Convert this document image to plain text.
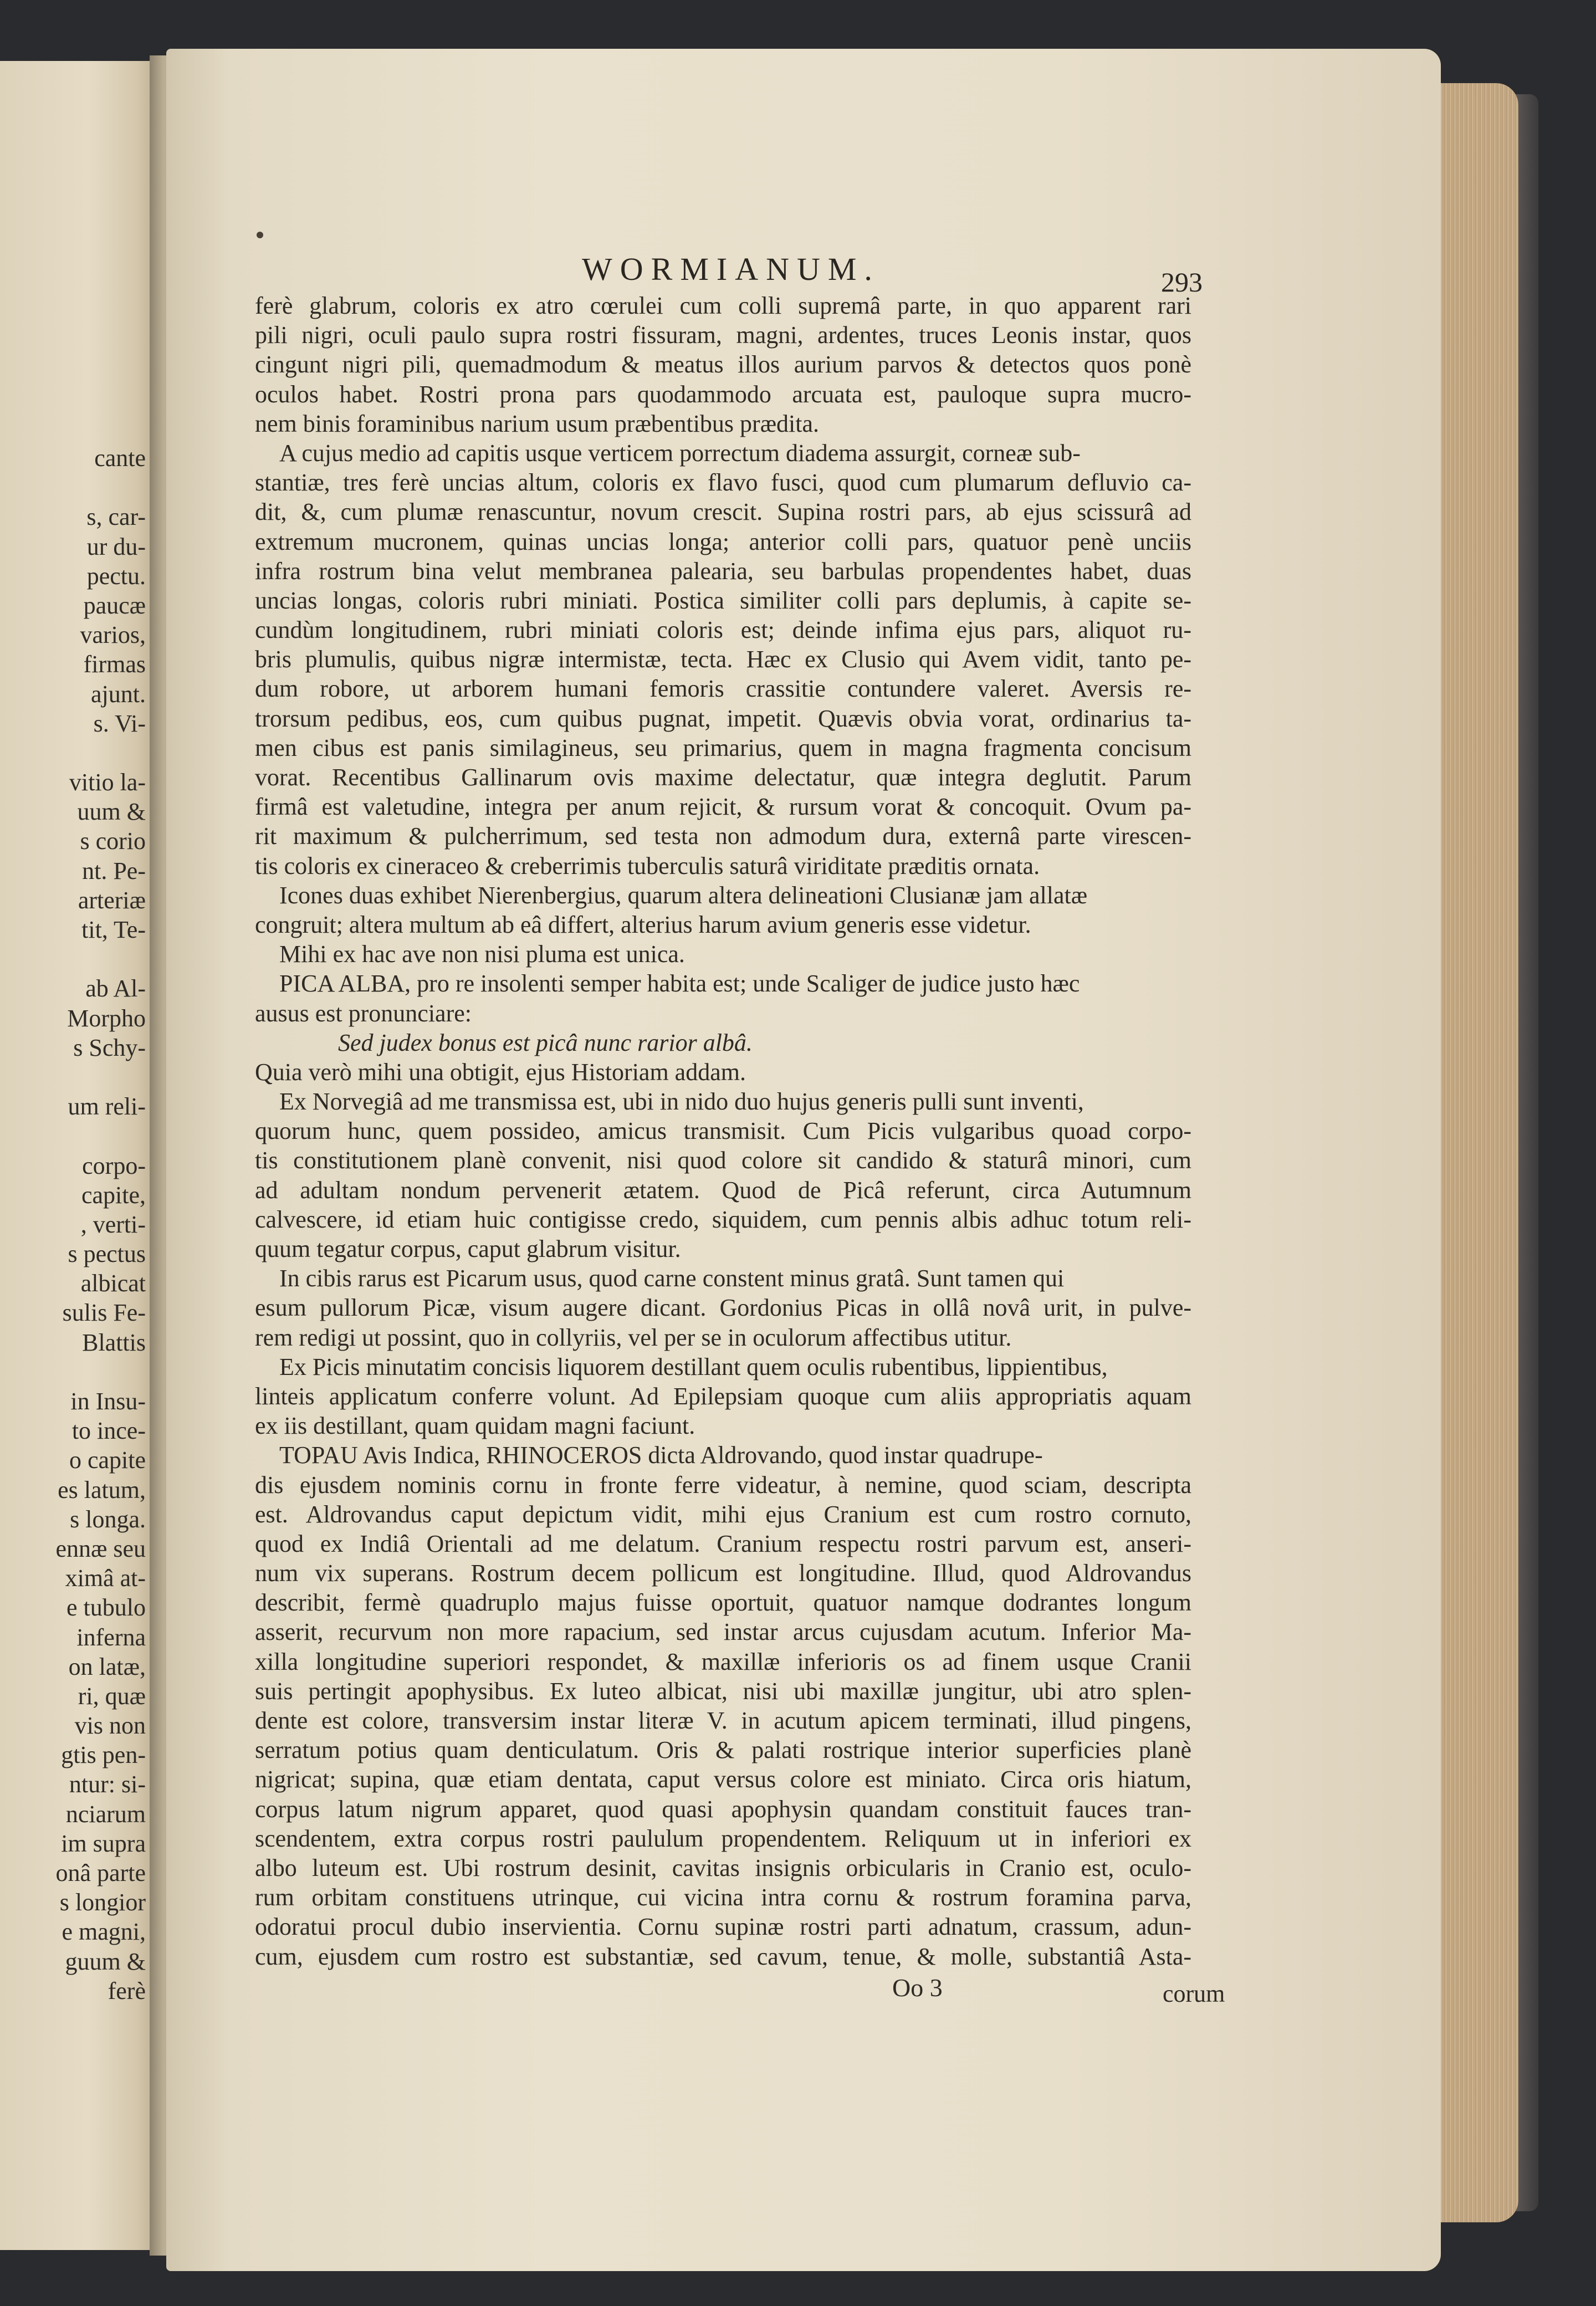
cante
s, car-
ur du-
pectu.
paucæ
varios,
firmas
ajunt.
s. Vi-
vitio la-
uum &
s corio
nt. Pe-
arteriæ
tit, Te-
ab Al-
Morpho
s Schy-
um reli-
corpo-
capite,
, verti-
s pectus
albicat
sulis Fe-
Blattis
in Insu-
to ince-
o capite
es latum,
s longa.
ennæ seu
ximâ at-
e tubulo
inferna
on latæ,
ri, quæ
vis non
gtis pen-
ntur: si-
nciarum
im supra
onâ parte
s longior
e magni,
guum &
ferè
WORMIANUM.	293
ferè glabrum, coloris ex atro cœrulei cum colli supremâ parte, in quo apparent rari
pili nigri, oculi paulo supra rostri fissuram, magni, ardentes, truces Leonis instar, quos
cingunt nigri pili, quemadmodum & meatus illos aurium parvos & detectos quos ponè
oculos habet. Rostri prona pars quodammodo arcuata est, pauloque supra mucro-
nem binis foraminibus narium usum præbentibus prædita.
A cujus medio ad capitis usque verticem porrectum diadema assurgit, corneæ sub-
stantiæ, tres ferè uncias altum, coloris ex flavo fusci, quod cum plumarum defluvio ca-
dit, &, cum plumæ renascuntur, novum crescit. Supina rostri pars, ab ejus scissurâ ad
extremum mucronem, quinas uncias longa; anterior colli pars, quatuor penè unciis
infra rostrum bina velut membranea palearia, seu barbulas propendentes habet, duas
uncias longas, coloris rubri miniati. Postica similiter colli pars deplumis, à capite se-
cundùm longitudinem, rubri miniati coloris est; deinde infima ejus pars, aliquot ru-
bris plumulis, quibus nigræ intermistæ, tecta. Hæc ex Clusio qui Avem vidit, tanto pe-
dum robore, ut arborem humani femoris crassitie contundere valeret. Aversis re-
trorsum pedibus, eos, cum quibus pugnat, impetit. Quævis obvia vorat, ordinarius ta-
men cibus est panis similagineus, seu primarius, quem in magna fragmenta concisum
vorat. Recentibus Gallinarum ovis maxime delectatur, quæ integra deglutit. Parum
firmâ est valetudine, integra per anum rejicit, & rursum vorat & concoquit. Ovum pa-
rit maximum & pulcherrimum, sed testa non admodum dura, externâ parte virescen-
tis coloris ex cineraceo & creberrimis tuberculis saturâ viriditate præditis ornata.
Icones duas exhibet Nierenbergius, quarum altera delineationi Clusianæ jam allatæ
congruit; altera multum ab eâ differt, alterius harum avium generis esse videtur.
Mihi ex hac ave non nisi pluma est unica.
PICA ALBA, pro re insolenti semper habita est; unde Scaliger de judice justo hæc
ausus est pronunciare:
Sed judex bonus est picâ nunc rarior albâ.
Quia verò mihi una obtigit, ejus Historiam addam.
Ex Norvegiâ ad me transmissa est, ubi in nido duo hujus generis pulli sunt inventi,
quorum hunc, quem possideo, amicus transmisit. Cum Picis vulgaribus quoad corpo-
tis constitutionem planè convenit, nisi quod colore sit candido & staturâ minori, cum
ad adultam nondum pervenerit ætatem. Quod de Picâ referunt, circa Autumnum
calvescere, id etiam huic contigisse credo, siquidem, cum pennis albis adhuc totum reli-
quum tegatur corpus, caput glabrum visitur.
In cibis rarus est Picarum usus, quod carne constent minus gratâ. Sunt tamen qui
esum pullorum Picæ, visum augere dicant. Gordonius Picas in ollâ novâ urit, in pulve-
rem redigi ut possint, quo in collyriis, vel per se in oculorum affectibus utitur.
Ex Picis minutatim concisis liquorem destillant quem oculis rubentibus, lippientibus,
linteis applicatum conferre volunt. Ad Epilepsiam quoque cum aliis appropriatis aquam
ex iis destillant, quam quidam magni faciunt.
TOPAU Avis Indica, RHINOCEROS dicta Aldrovando, quod instar quadrupe-
dis ejusdem nominis cornu in fronte ferre videatur, à nemine, quod sciam, descripta
est. Aldrovandus caput depictum vidit, mihi ejus Cranium est cum rostro cornuto,
quod ex Indiâ Orientali ad me delatum. Cranium respectu rostri parvum est, anseri-
num vix superans. Rostrum decem pollicum est longitudine. Illud, quod Aldrovandus
describit, fermè quadruplo majus fuisse oportuit, quatuor namque dodrantes longum
asserit, recurvum non more rapacium, sed instar arcus cujusdam acutum. Inferior Ma-
xilla longitudine superiori respondet, & maxillæ inferioris os ad finem usque Cranii
suis pertingit apophysibus. Ex luteo albicat, nisi ubi maxillæ jungitur, ubi atro splen-
dente est colore, transversim instar literæ V. in acutum apicem terminati, illud pingens,
serratum potius quam denticulatum. Oris & palati rostrique interior superficies planè
nigricat; supina, quæ etiam dentata, caput versus colore est miniato. Circa oris hiatum,
corpus latum nigrum apparet, quod quasi apophysin quandam constituit fauces tran-
scendentem, extra corpus rostri paululum propendentem. Reliquum ut in inferiori ex
albo luteum est. Ubi rostrum desinit, cavitas insignis orbicularis in Cranio est, oculo-
rum orbitam constituens utrinque, cui vicina intra cornu & rostrum foramina parva,
odoratui procul dubio inservientia. Cornu supinæ rostri parti adnatum, crassum, adun-
cum, ejusdem cum rostro est substantiæ, sed cavum, tenue, & molle, substantiâ Asta-
Oo 3	corum
